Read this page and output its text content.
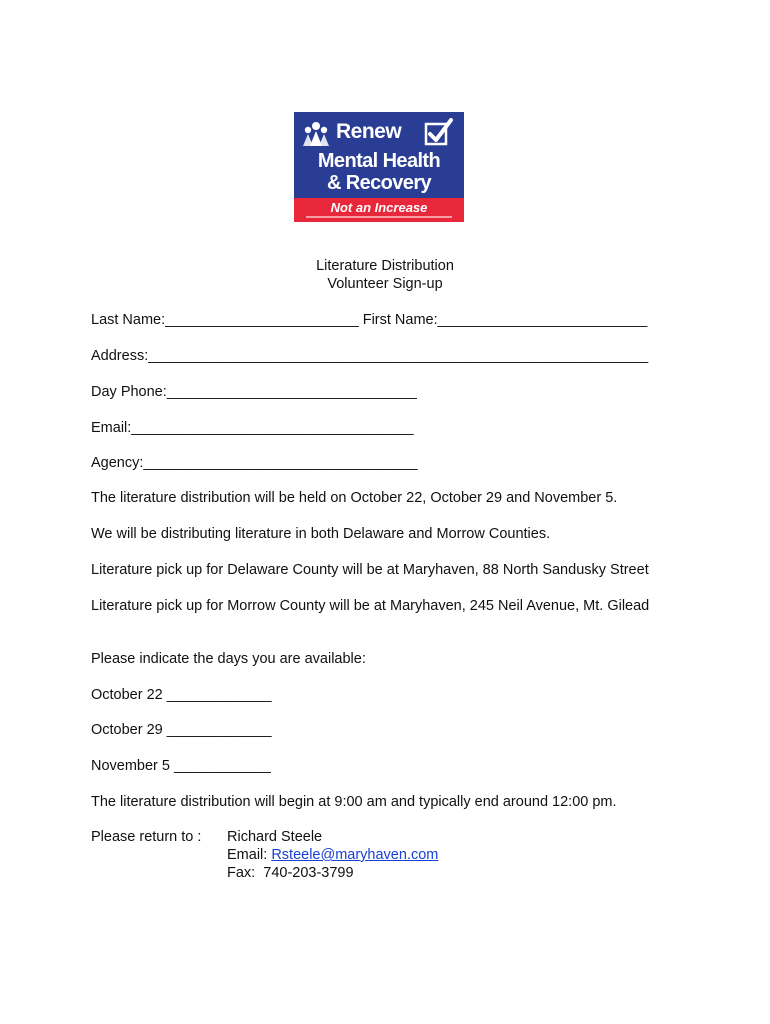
Renew
Mental Health
& Recovery
Not an Increase
Literature Distribution
Volunteer Sign-up
Last Name:________________________ First Name:__________________________
Address:______________________________________________________________
Day Phone:_______________________________
Email:___________________________________
Agency:__________________________________
The literature distribution will be held on October 22, October 29 and November 5.
We will be distributing literature in both Delaware and Morrow Counties.
Literature pick up for Delaware County will be at Maryhaven, 88 North Sandusky Street
Literature pick up for Morrow County will be at Maryhaven, 245 Neil Avenue, Mt. Gilead
Please indicate the days you are available:
October 22 _____________
October 29 _____________
November 5 ____________
The literature distribution will begin at 9:00 am and typically end around 12:00 pm.
Please return to : Richard Steele
Email: Rsteele@maryhaven.com
Fax:  740-203-3799
